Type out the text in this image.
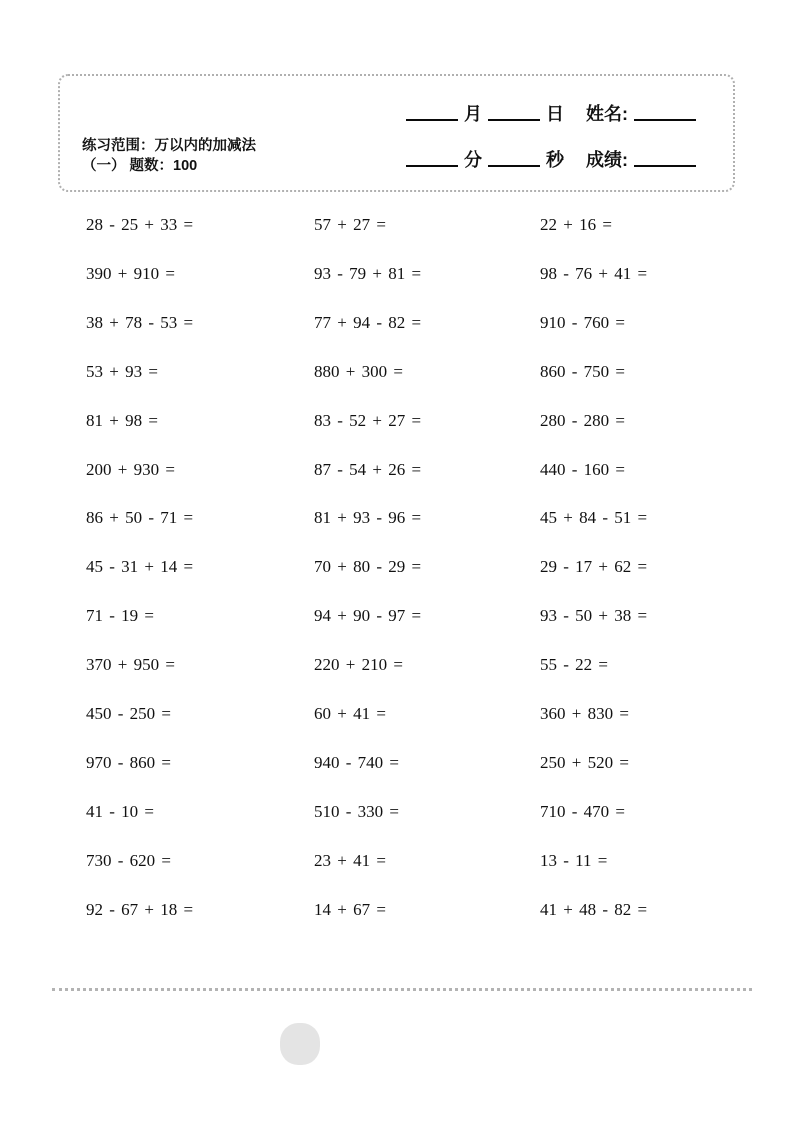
练习范围：万以内的加减法
（一） 题数：100
月	日 姓名:
分	秒 成绩:
28 - 25 + 33 =	57 + 27 =	22 + 16 =
390 + 910 =	93 - 79 + 81 =	98 - 76 + 41 =
38 + 78 - 53 =	77 + 94 - 82 =	910 - 760 =
53 + 93 =	880 + 300 =	860 - 750 =
81 + 98 =	83 - 52 + 27 =	280 - 280 =
200 + 930 =	87 - 54 + 26 =	440 - 160 =
86 + 50 - 71 =	81 + 93 - 96 =	45 + 84 - 51 =
45 - 31 + 14 =	70 + 80 - 29 =	29 - 17 + 62 =
71 - 19 =	94 + 90 - 97 =	93 - 50 + 38 =
370 + 950 =	220 + 210 =	55 - 22 =
450 - 250 =	60 + 41 =	360 + 830 =
970 - 860 =	940 - 740 =	250 + 520 =
41 - 10 =	510 - 330 =	710 - 470 =
730 - 620 =	23 + 41 =	13 - 11 =
92 - 67 + 18 =	14 + 67 =	41 + 48 - 82 =
